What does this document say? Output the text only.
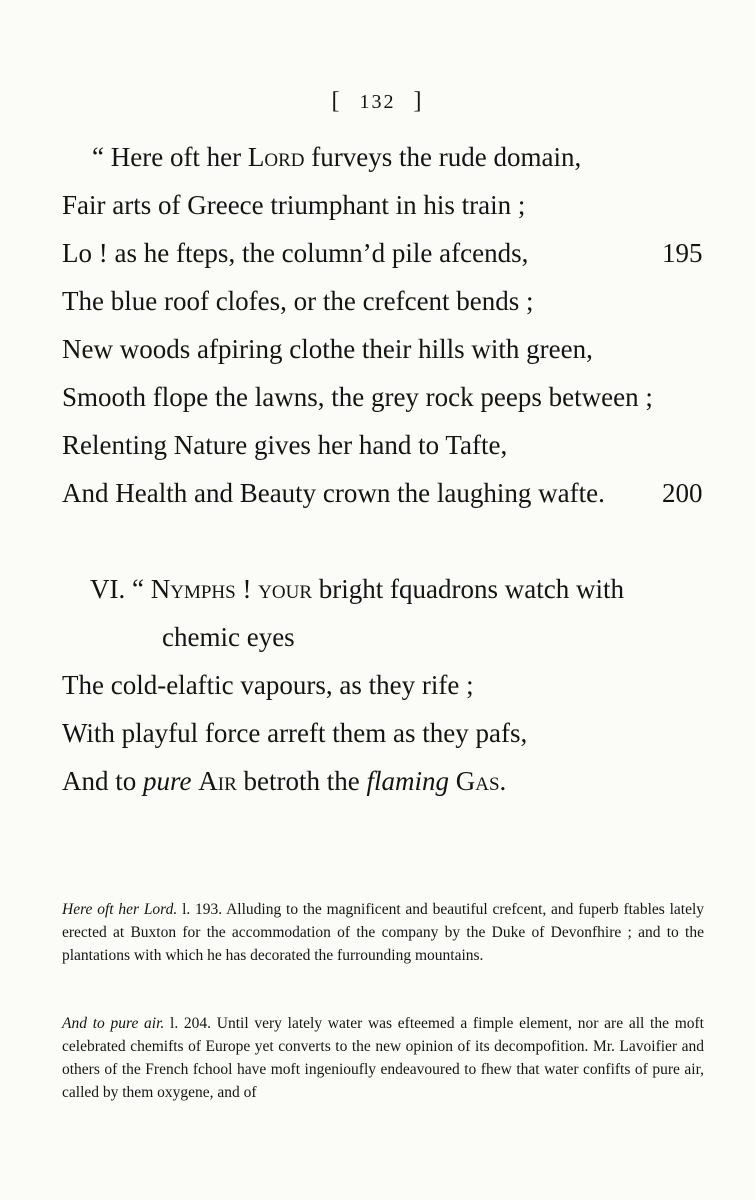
[ 132 ]
“ Here oft her Lord furveys the rude domain,
Fair arts of Greece triumphant in his train ;
Lo ! as he fteps, the column’d pile afcends,	195
The blue roof clofes, or the crefcent bends ;
New woods afpiring clothe their hills with green,
Smooth flope the lawns, the grey rock peeps between ;
Relenting Nature gives her hand to Tafte,
And Health and Beauty crown the laughing wafte. 200
VI. “ Nymphs ! your bright fquadrons watch with
chemic eyes
The cold-elaftic vapours, as they rife ;
With playful force arreft them as they pafs,
And to pure Air betroth the flaming Gas.
Here oft her Lord. l. 193. Alluding to the magnificent and beautiful crefcent, and fuperb ftables lately erected at Buxton for the accommodation of the company by the Duke of Devonfhire ; and to the plantations with which he has decorated the furrounding mountains.
And to pure air. l. 204. Until very lately water was efteemed a fimple element, nor are all the moft celebrated chemifts of Europe yet converts to the new opinion of its decompofition. Mr. Lavoifier and others of the French fchool have moft ingenioufly endeavoured to fhew that water confifts of pure air, called by them oxygene, and of
